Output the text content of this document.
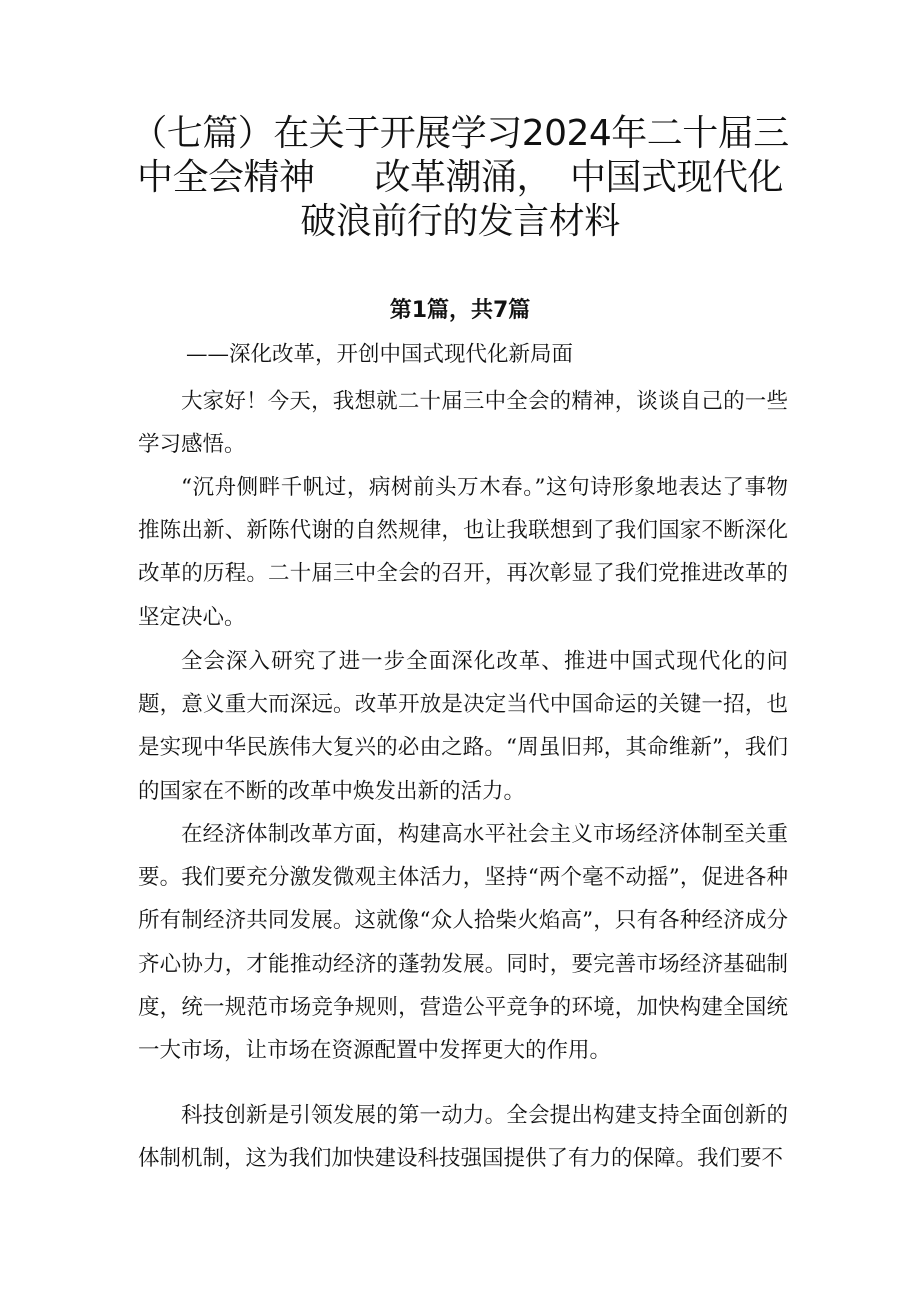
（七篇）在关于开展学习2024年二十届三
中全会精神 改革潮涌， 中国式现代化
破浪前行的发言材料
第1篇，共7篇
——深化改革，开创中国式现代化新局面

大家好！今天，我想就二十届三中全会的精神，谈谈自己的一些学习感悟。

“沉舟侧畔千帆过，病树前头万木春。”这句诗形象地表达了事物推陈出新、新陈代谢的自然规律，也让我联想到了我们国家不断深化改革的历程。二十届三中全会的召开，再次彰显了我们党推进改革的坚定决心。

全会深入研究了进一步全面深化改革、推进中国式现代化的问题，意义重大而深远。改革开放是决定当代中国命运的关键一招，也是实现中华民族伟大复兴的必由之路。“周虽旧邦，其命维新”，我们的国家在不断的改革中焕发出新的活力。

在经济体制改革方面，构建高水平社会主义市场经济体制至关重要。我们要充分激发微观主体活力，坚持“两个毫不动摇”，促进各种所有制经济共同发展。这就像“众人拾柴火焰高”，只有各种经济成分齐心协力，才能推动经济的蓬勃发展。同时，要完善市场经济基础制度，统一规范市场竞争规则，营造公平竞争的环境，加快构建全国统一大市场，让市场在资源配置中发挥更大的作用。

科技创新是引领发展的第一动力。全会提出构建支持全面创新的体制机制，这为我们加快建设科技强国提供了有力的保障。我们要不
